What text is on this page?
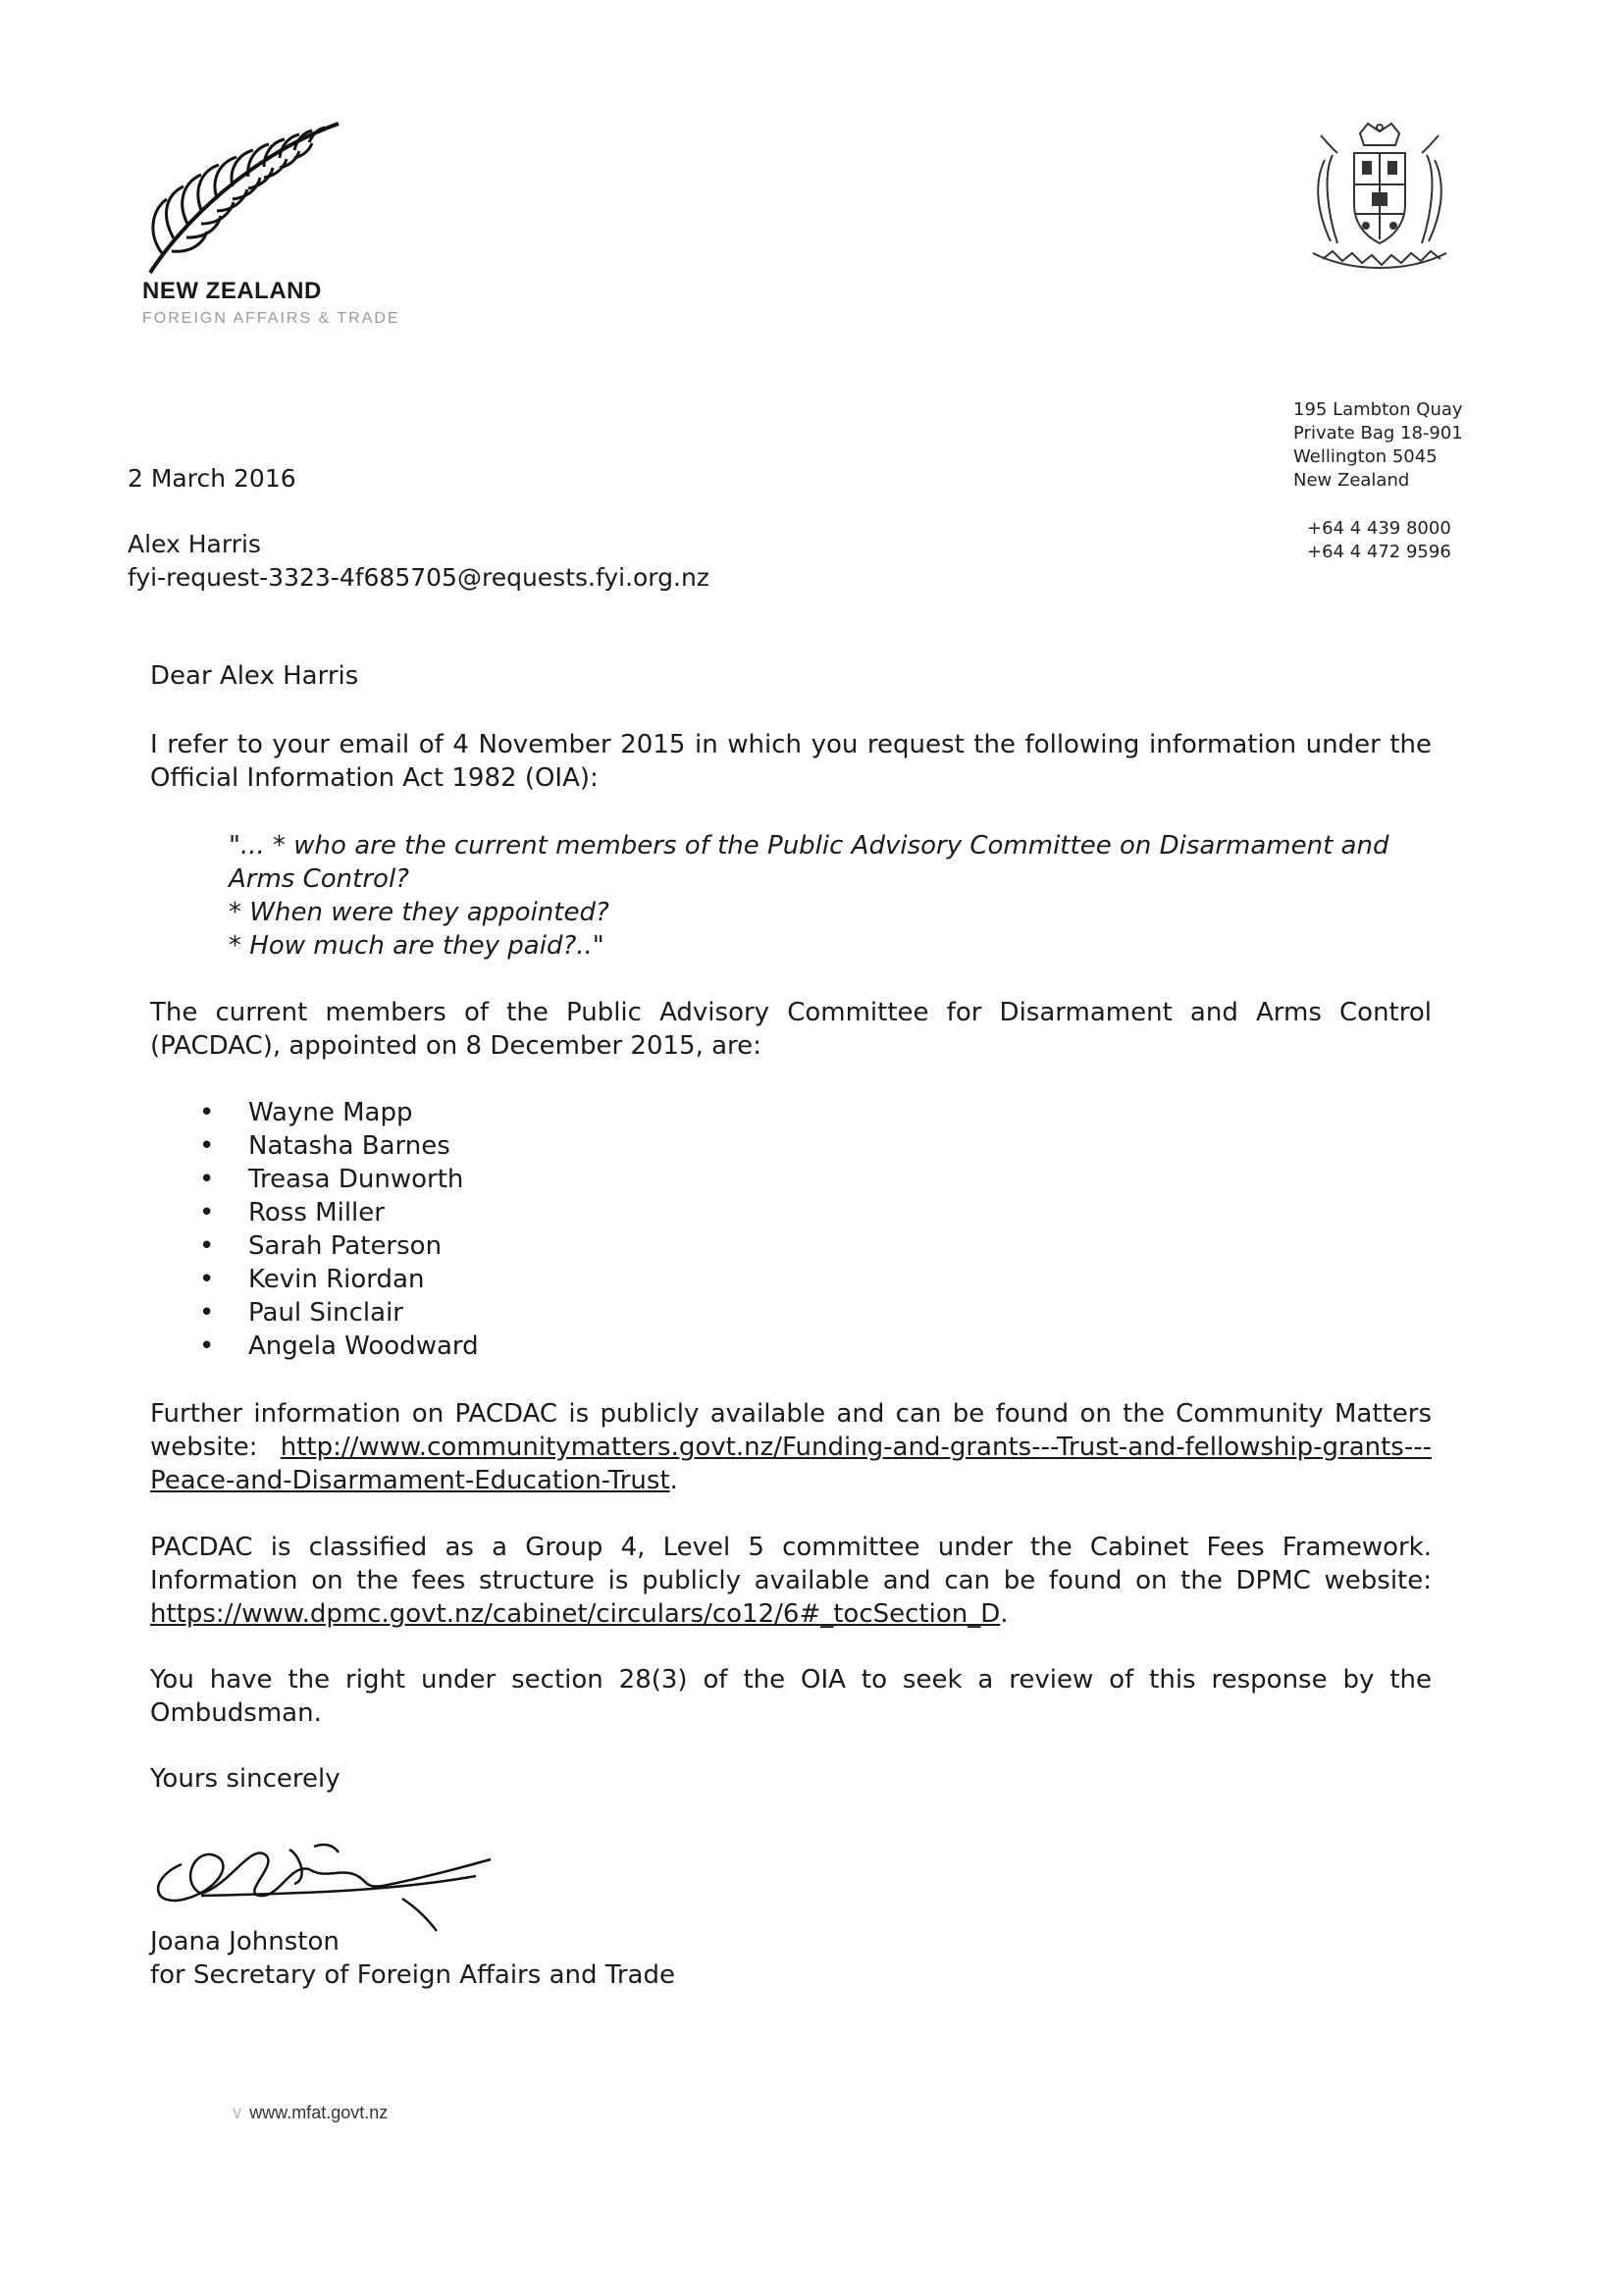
NEW ZEALAND
FOREIGN AFFAIRS & TRADE
195 Lambton Quay
Private Bag 18-901
Wellington 5045
New Zealand
+64 4 439 8000
+64 4 472 9596
2 March 2016
Alex Harris
fyi-request-3323-4f685705@requests.fyi.org.nz
Dear Alex Harris
I refer to your email of 4 November 2015 in which you request the following information under the Official Information Act 1982 (OIA):
"... * who are the current members of the Public Advisory Committee on Disarmament and Arms Control?
* When were they appointed?
* How much are they paid?.."
The current members of the Public Advisory Committee for Disarmament and Arms Control (PACDAC), appointed on 8 December 2015, are:
• Wayne Mapp
• Natasha Barnes
• Treasa Dunworth
• Ross Miller
• Sarah Paterson
• Kevin Riordan
• Paul Sinclair
• Angela Woodward
Further information on PACDAC is publicly available and can be found on the Community Matters website: http://www.communitymatters.govt.nz/Funding-and-grants---Trust-and-fellowship-grants---Peace-and-Disarmament-Education-Trust.
PACDAC is classified as a Group 4, Level 5 committee under the Cabinet Fees Framework. Information on the fees structure is publicly available and can be found on the DPMC website: https://www.dpmc.govt.nz/cabinet/circulars/co12/6#_tocSection_D.
You have the right under section 28(3) of the OIA to seek a review of this response by the Ombudsman.
Yours sincerely
Joana Johnston
for Secretary of Foreign Affairs and Trade
∨ www.mfat.govt.nz
